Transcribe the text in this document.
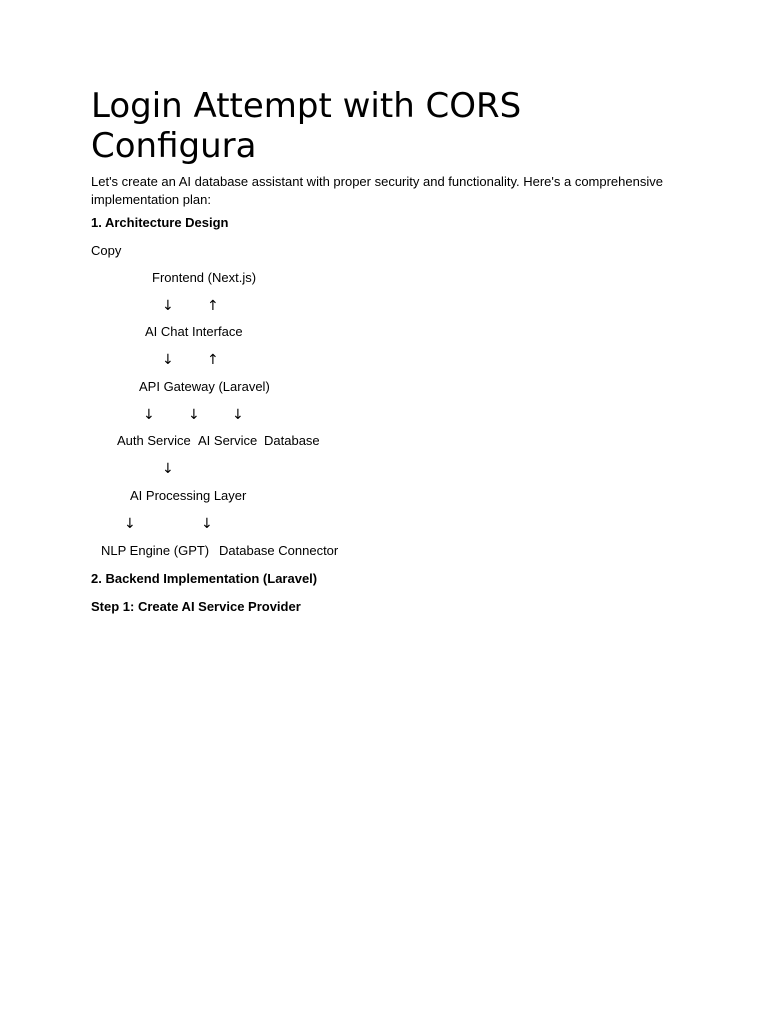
Login Attempt with CORS Configura

Let's create an AI database assistant with proper security and functionality. Here's a comprehensive implementation plan:

1. Architecture Design
Copy
Frontend (Next.js)
↓ ↑
AI Chat Interface
↓ ↑
API Gateway (Laravel)
↓ ↓ ↓
Auth Service AI Service Database
↓
AI Processing Layer
↓	↓
NLP Engine (GPT) Database Connector
2. Backend Implementation (Laravel)
Step 1: Create AI Service Provider
